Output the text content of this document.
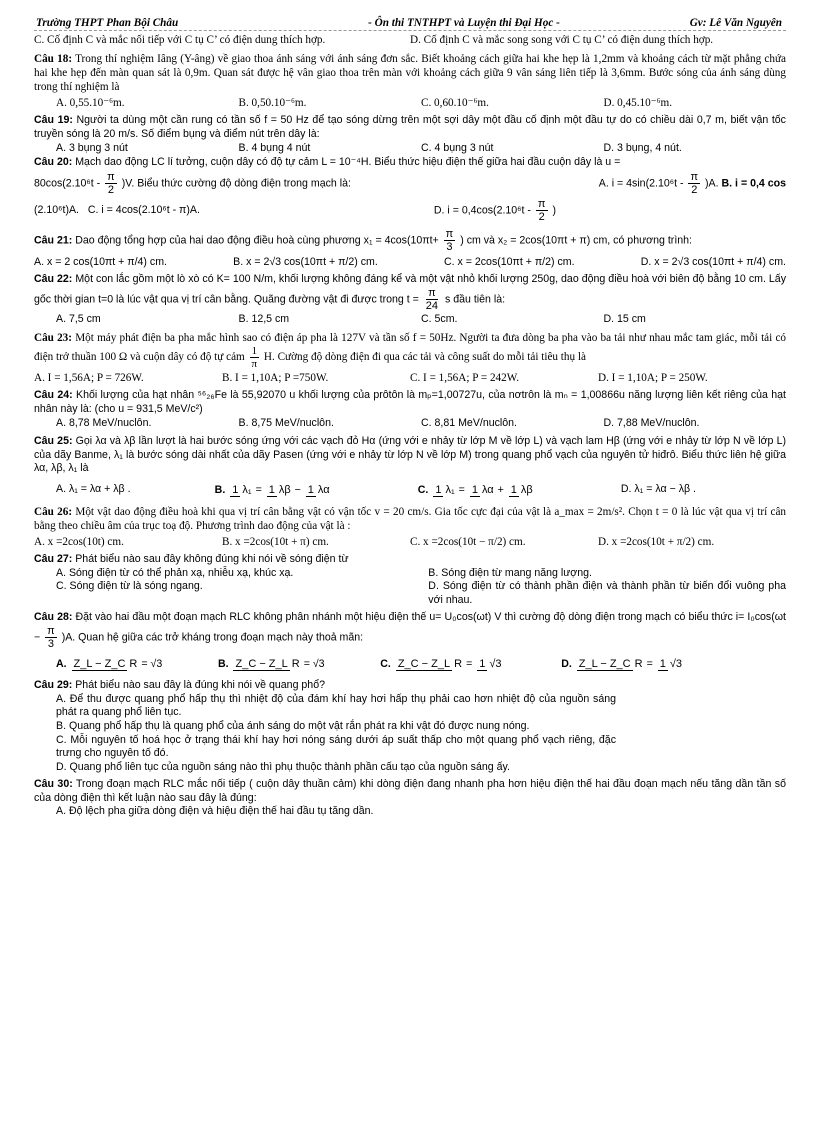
Trường THPT Phan Bội Châu	- Ôn thi TNTHPT và Luyện thi Đại Học -	Gv: Lê Văn Nguyên

C. Cố định C và mắc nối tiếp với C tụ C’ có điện dung thích hợp.	D. Cố định C và mắc song song với C tụ C’ có điện dung thích hợp.

Câu 18: Trong thí nghiệm Iâng (Y-âng) về giao thoa ánh sáng với ánh sáng đơn sắc. Biết khoảng cách giữa hai khe hẹp là 1,2mm và khoảng cách từ mặt phẳng chứa hai khe hẹp đến màn quan sát là 0,9m. Quan sát được hệ vân giao thoa trên màn với khoảng cách giữa 9 vân sáng liên tiếp là 3,6mm. Bước sóng của ánh sáng dùng trong thí nghiệm là

A. 0,55.10⁻⁶m.	B. 0,50.10⁻⁶m.	C. 0,60.10⁻⁶m.	D. 0,45.10⁻⁶m.

Câu 19: Người ta dùng một cần rung có tần số f = 50 Hz để tạo sóng dừng trên một sợi dây một đầu cố định một đầu tự do có chiều dài 0,7 m, biết vận tốc truyền sóng là 20 m/s. Số điểm bụng và điểm nút trên dây là:

A. 3 bụng 3 nút	B. 4 bụng 4 nút	C. 4 bụng 3 nút	D. 3 bụng, 4 nút.

Câu 20: Mạch dao động LC lí tưởng, cuộn dây có độ tự cảm L = 10⁻⁴H. Biểu thức hiệu điện thế giữa hai đầu cuộn dây là u =

$80\cos(2.10^6t - \frac{\pi}{2} )V$. Biểu thức cường độ dòng điện trong mạch là:	A. $i = 4\sin(2.10^6t - \frac{\pi}{2} )A$. B. i = 0,4 cos
(2.10⁶t)A. C. i = 4cos(2.10⁶t - π)A.	D. $i = 0,4\cos(2.10^6t - \frac{\pi}{2}$ )

Câu 21: Dao động tổng hợp của hai dao động điều hoà cùng phương $x_1 = 4\cos(10\pi t+ \frac{\pi}{3}$ ) cm và x₂ = 2cos(10πt + π) cm, có phương trình:

A. x = 2 cos(10πt + π/4) cm.	B. x = 2√3 cos(10πt + π/2) cm.	C. x = 2cos(10πt + π/2) cm.	D. x = 2√3 cos(10πt + π/4) cm.

Câu 22: Một con lắc gồm một lò xò có K= 100 N/m, khối lượng không đáng kể và một vật nhỏ khối lượng 250g, dao động điều hoà với biên độ bằng 10 cm. Lấy gốc thời gian t=0 là lúc vật qua vị trí cân bằng. Quãng đường vật đi được trong $t = \frac{\pi}{24}$ s đầu tiên là:

A. 7,5 cm	B. 12,5 cm	C. 5cm.	D. 15 cm

Câu 23: Một máy phát điện ba pha mắc hình sao có điện áp pha là 127V và tần số f = 50Hz. Người ta đưa dòng ba pha vào ba tải như nhau mắc tam giác, mỗi tải có điện trở thuần 100 Ω và cuộn dây có độ tự cảm $\frac{1}{\pi} H$. Cường độ dòng điện đi qua các tải và công suất do mỗi tải tiêu thụ là

A. I = 1,56A; P = 726W.	B. I = 1,10A; P =750W.	C. I = 1,56A; P = 242W.	D. I = 1,10A; P = 250W.

Câu 24: Khối lượng của hạt nhân ⁵⁶₂₆Fe là 55,92070 u khối lượng của prôtôn là mₚ=1,00727u, của nơtrôn là mₙ = 1,00866u năng lượng liên kết riêng của hạt nhân này là: (cho u = 931,5 MeV/c²)

A. 8,78 MeV/nuclôn.	B. 8,75 MeV/nuclôn.	C. 8,81 MeV/nuclôn.	D. 7,88 MeV/nuclôn.

Câu 25: Gọi λα và λβ lần lượt là hai bước sóng ứng với các vạch đỏ Hα (ứng với e nhảy từ lớp M về lớp L) và vạch lam Hβ (ứng với e nhảy từ lớp N về lớp L) của dãy Banme, λ₁ là bước sóng dài nhất của dãy Pasen (ứng với e nhảy từ lớp N về lớp M) trong quang phổ vạch của nguyên tử hiđrô. Biểu thức liên hệ giữa λα, λβ, λ₁ là

A. λ₁ = λα + λβ .	B. 1 λ₁ = 1 λβ − 1 λα	C. 1 λ₁ = 1 λα + 1 λβ	D. λ₁ = λα − λβ .

Câu 26: Một vật dao động điều hoà khi qua vị trí cân bằng vật có vận tốc v = 20 cm/s. Gia tốc cực đại của vật là a_max = 2m/s². Chọn t = 0 là lúc vật qua vị trí cân bằng theo chiều âm của trục toạ độ. Phương trình dao động của vật là :

A. x =2cos(10t) cm.	B. x =2cos(10t + π) cm.	C. x =2cos(10t − π/2) cm.	D. x =2cos(10t + π/2) cm.

Câu 27: Phát biểu nào sau đây không đúng khi nói về sóng điện từ

A. Sóng điện từ có thể phản xạ, nhiễu xạ, khúc xạ.	B. Sóng điện từ mang năng lượng.
C. Sóng điện từ là sóng ngang.	D. Sóng điện từ có thành phần điện và thành phần từ biến đổi vuông pha với nhau.

Câu 28: Đặt vào hai đầu một đoạn mạch RLC không phân nhánh một hiệu điện thế u= U₀cos(ωt) V thì cường độ dòng điện trong mạch có biểu thức $i= I_0\cos(\omega t - \frac{\pi}{3} )A$. Quan hệ giữa các trở kháng trong đoạn mạch này thoả mãn:

A. Z_L − Z_C R = √3	B. Z_C − Z_L R = √3	C. Z_C − Z_L R = 1 √3	D. Z_L − Z_C R = 1 √3

Câu 29: Phát biểu nào sau đây là đúng khi nói về quang phổ?

A. Để thu được quang phổ hấp thụ thì nhiệt độ của đám khí hay hơi hấp thụ phải cao hơn nhiệt độ của nguồn sáng phát ra quang phổ liên tục.

B. Quang phổ hấp thụ là quang phổ của ánh sáng do một vật rắn phát ra khi vật đó được nung nóng.

C. Mỗi nguyên tố hoá học ở trạng thái khí hay hơi nóng sáng dưới áp suất thấp cho một quang phổ vạch riêng, đặc trưng cho nguyên tố đó.

D. Quang phổ liên tục của nguồn sáng nào thì phụ thuộc thành phần cấu tạo của nguồn sáng ấy.

Câu 30: Trong đoạn mạch RLC mắc nối tiếp ( cuộn dây thuần cảm) khi dòng điện đang nhanh pha hơn hiệu điện thế hai đầu đoạn mạch nếu tăng dần tần số của dòng điện thì kết luận nào sau đây là đúng:

A. Độ lệch pha giữa dòng điện và hiệu điện thế hai đầu tụ tăng dần.
